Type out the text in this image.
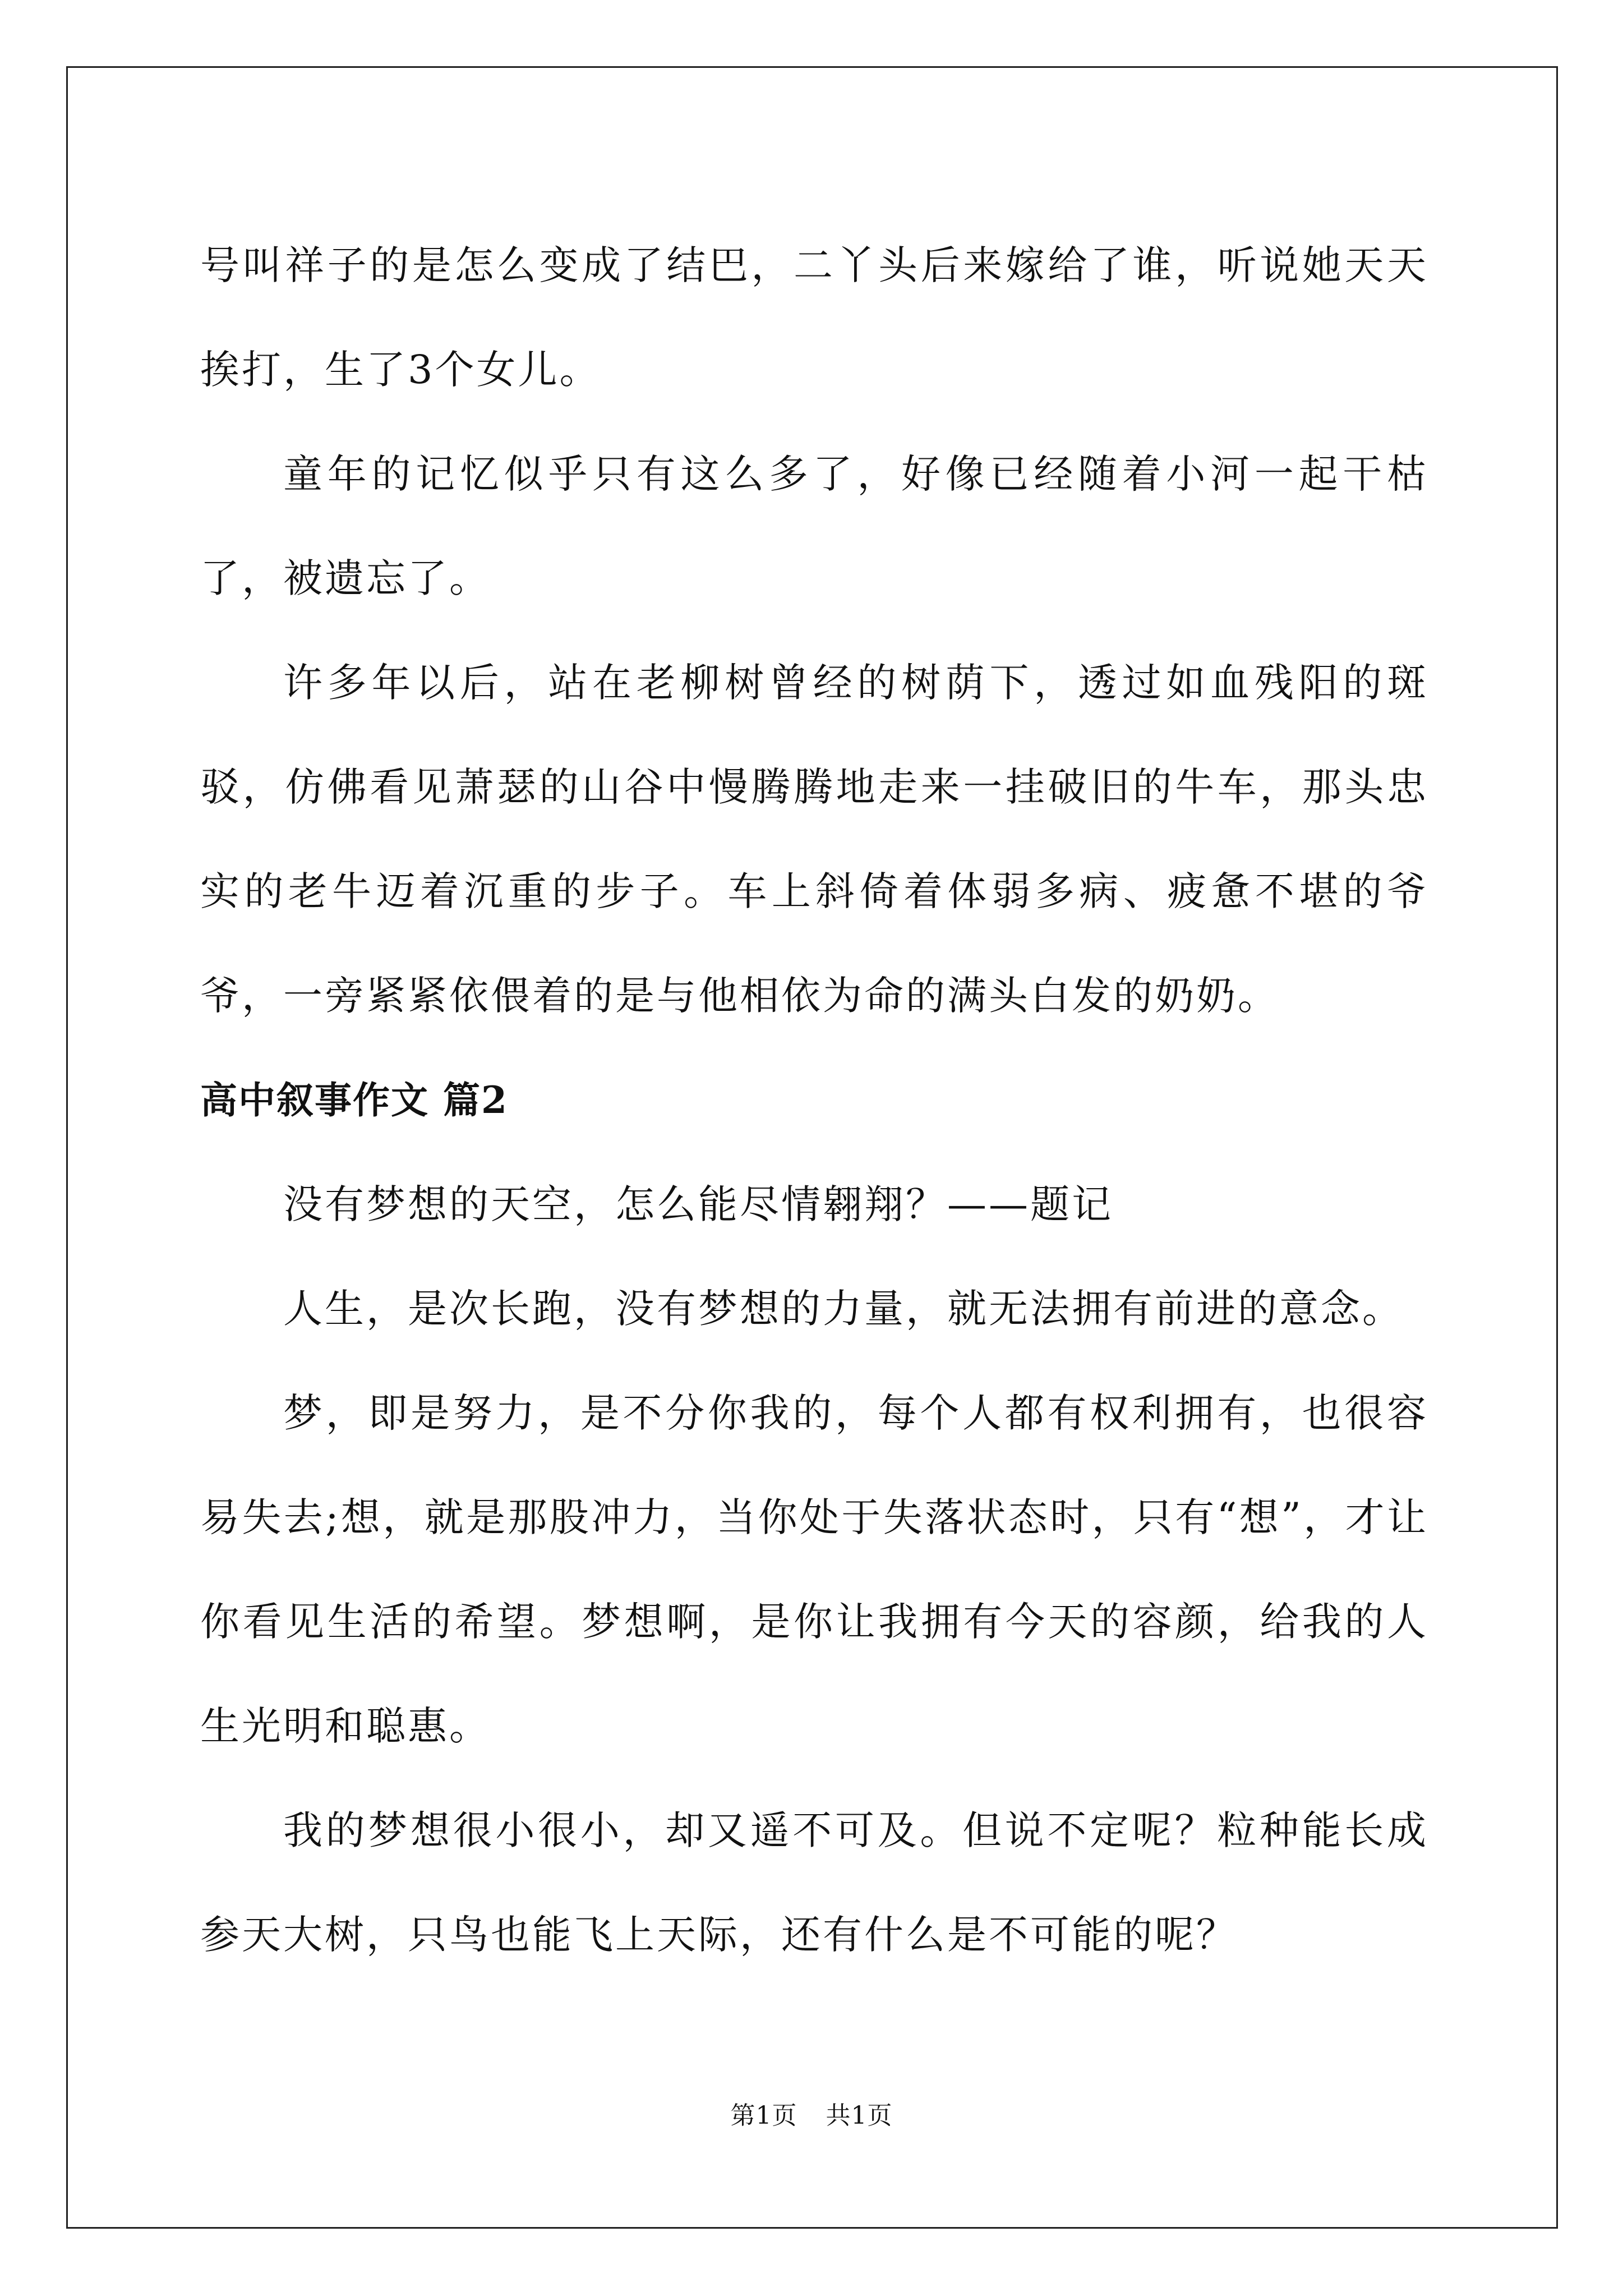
号叫祥子的是怎么变成了结巴，二丫头后来嫁给了谁，听说她天天挨打，生了3个女儿。

童年的记忆似乎只有这么多了，好像已经随着小河一起干枯了，被遗忘了。

许多年以后，站在老柳树曾经的树荫下，透过如血残阳的斑驳，仿佛看见萧瑟的山谷中慢腾腾地走来一挂破旧的牛车，那头忠实的老牛迈着沉重的步子。车上斜倚着体弱多病、疲惫不堪的爷爷，一旁紧紧依偎着的是与他相依为命的满头白发的奶奶。

高中叙事作文 篇2

没有梦想的天空，怎么能尽情翱翔？——题记

人生，是次长跑，没有梦想的力量，就无法拥有前进的意念。

梦，即是努力，是不分你我的，每个人都有权利拥有，也很容易失去;想，就是那股冲力，当你处于失落状态时，只有“想”，才让你看见生活的希望。梦想啊，是你让我拥有今天的容颜，给我的人生光明和聪惠。

我的梦想很小很小，却又遥不可及。但说不定呢？粒种能长成参天大树，只鸟也能飞上天际，还有什么是不可能的呢？

第1页 共1页
